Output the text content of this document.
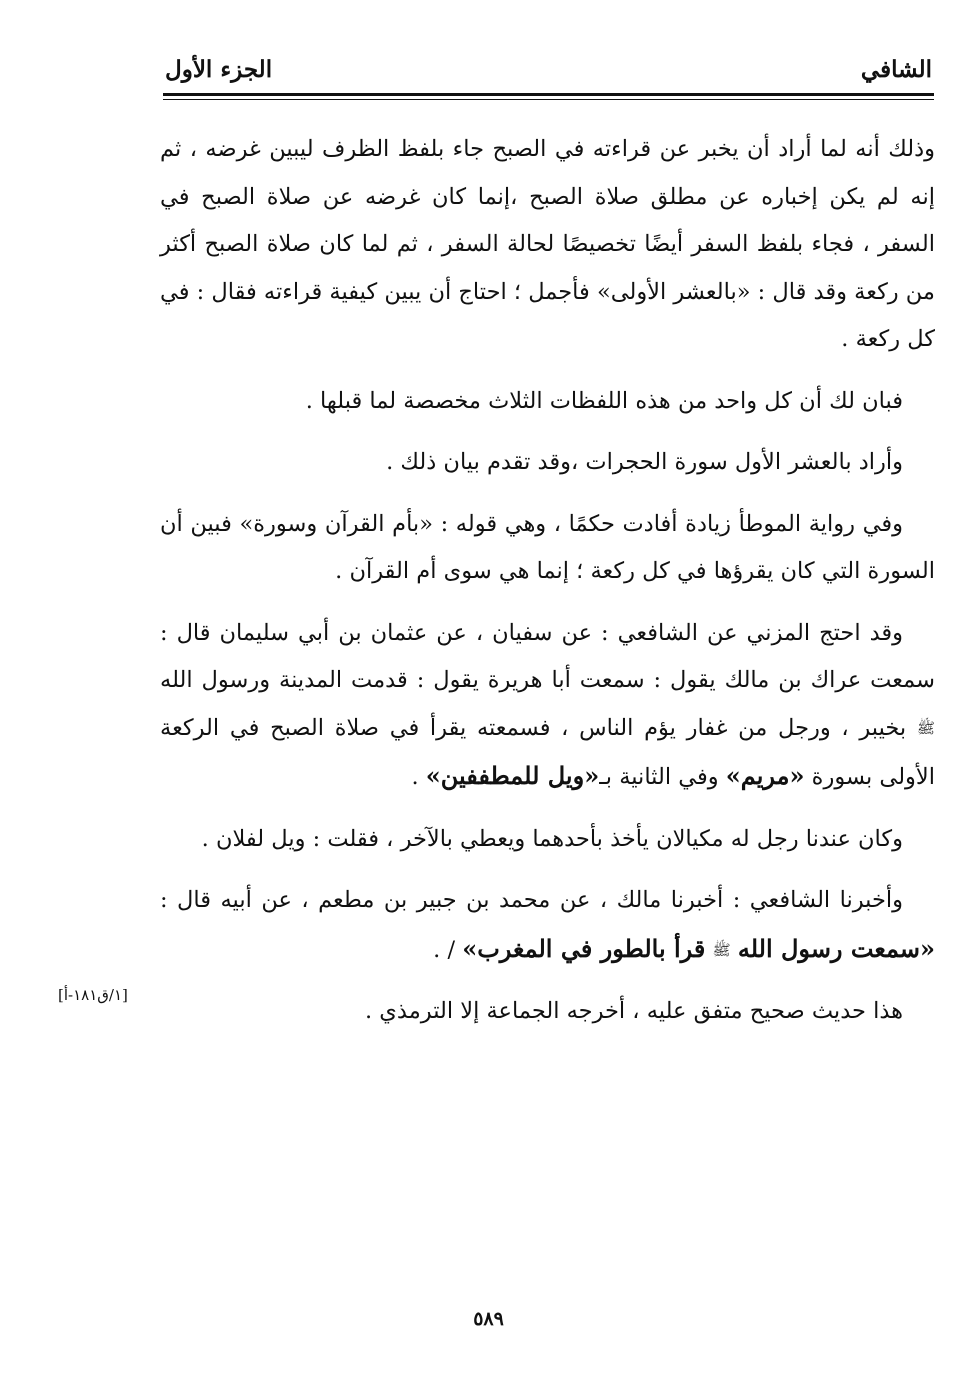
الشافي
الجزء الأول

وذلك أنه لما أراد أن يخبر عن قراءته في الصبح جاء بلفظ الظرف ليبين غرضه ، ثم إنه لم يكن إخباره عن مطلق صلاة الصبح ،إنما كان غرضه عن صلاة الصبح في السفر ، فجاء بلفظ السفر أيضًا تخصيصًا لحالة السفر ، ثم لما كان صلاة الصبح أكثر من ركعة وقد قال : «بالعشر الأولى» فأجمل ؛ احتاج أن يبين كيفية قراءته فقال : في كل ركعة .

فبان لك أن كل واحد من هذه اللفظات الثلاث مخصصة لما قبلها .

وأراد بالعشر الأول سورة الحجرات ،وقد تقدم بيان ذلك .

وفي رواية الموطأ زيادة أفادت حكمًا ، وهي قوله : «بأم القرآن وسورة» فبين أن السورة التي كان يقرؤها في كل ركعة ؛ إنما هي سوى أم القرآن .

وقد احتج المزني عن الشافعي : عن سفيان ، عن عثمان بن أبي سليمان قال : سمعت عراك بن مالك يقول : سمعت أبا هريرة يقول : قدمت المدينة ورسول الله ﷺ بخيبر ، ورجل من غفار يؤم الناس ، فسمعته يقرأ في صلاة الصبح في الركعة الأولى بسورة «مريم» وفي الثانية بـ«ويل للمطففين» .

وكان عندنا رجل له مكيالان يأخذ بأحدهما ويعطي بالآخر ، فقلت : ويل لفلان .

وأخبرنا الشافعي : أخبرنا مالك ، عن محمد بن جبير بن مطعم ، عن أبيه قال : «سمعت رسول الله ﷺ قرأ بالطور في المغرب» / .

هذا حديث صحيح متفق عليه ، أخرجه الجماعة إلا الترمذي .

[١/ق١٨١-أ]
٥٨٩
